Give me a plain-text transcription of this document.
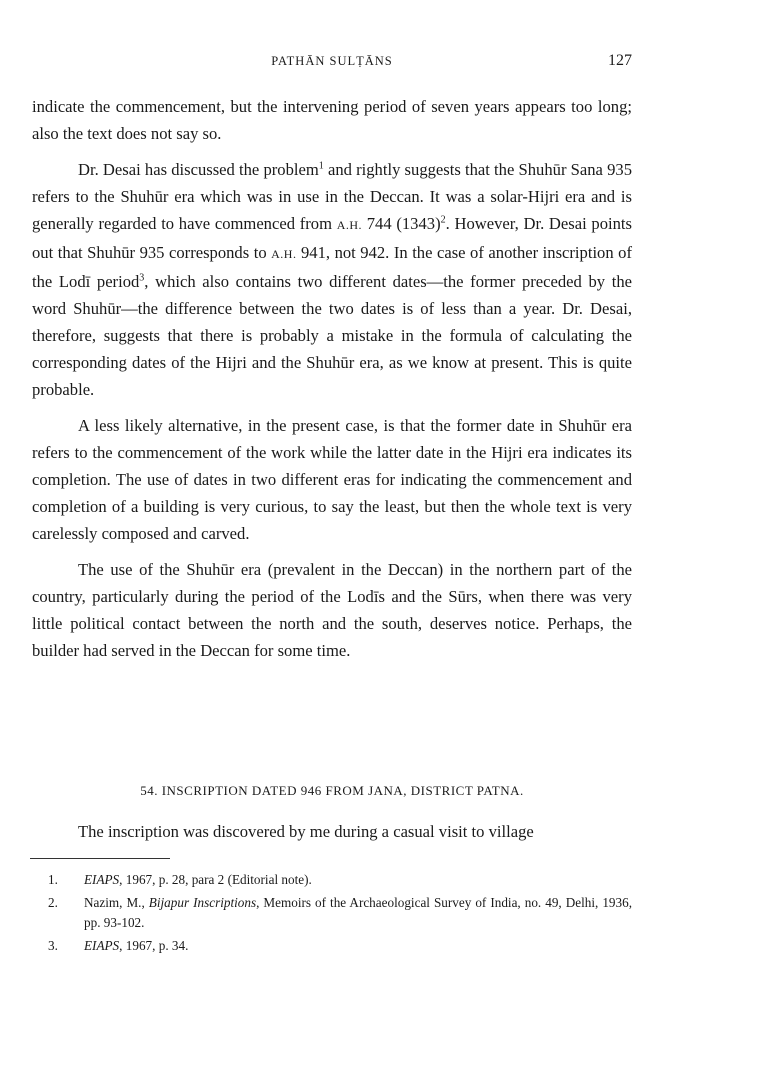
PATHĀN SULṬĀNS	127

indicate the commencement, but the intervening period of seven years appears too long; also the text does not say so.

Dr. Desai has discussed the problem$^1$ and rightly suggests that the Shuhūr Sana 935 refers to the Shuhūr era which was in use in the Deccan. It was a solar-Hijri era and is generally regarded to have commenced from A.H. 744 $(1343)^2$. However, Dr. Desai points out that Shuhūr 935 corresponds to A.H. 941, not 942. In the case of another inscription of the Lodī period$^3$, which also contains two different dates—the former preceded by the word Shuhūr—the difference between the two dates is of less than a year. Dr. Desai, therefore, suggests that there is probably a mistake in the formula of calculating the corresponding dates of the Hijri and the Shuhūr era, as we know at present. This is quite probable.

A less likely alternative, in the present case, is that the former date in Shuhūr era refers to the commencement of the work while the latter date in the Hijri era indicates its completion. The use of dates in two different eras for indicating the commencement and completion of a building is very curious, to say the least, but then the whole text is very carelessly composed and carved.

The use of the Shuhūr era (prevalent in the Deccan) in the northern part of the country, particularly during the period of the Lodīs and the Sūrs, when there was very little political contact between the north and the south, deserves notice. Perhaps, the builder had served in the Deccan for some time.

54. INSCRIPTION DATED 946 FROM JANA, DISTRICT PATNA.

The inscription was discovered by me during a casual visit to village

1.	EIAPS, 1967, p. 28, para 2 (Editorial note).
2.	Nazim, M., Bijapur Inscriptions, Memoirs of the Archaeological Survey of India, no. 49, Delhi, 1936, pp. 93-102.
3.	EIAPS, 1967, p. 34.
